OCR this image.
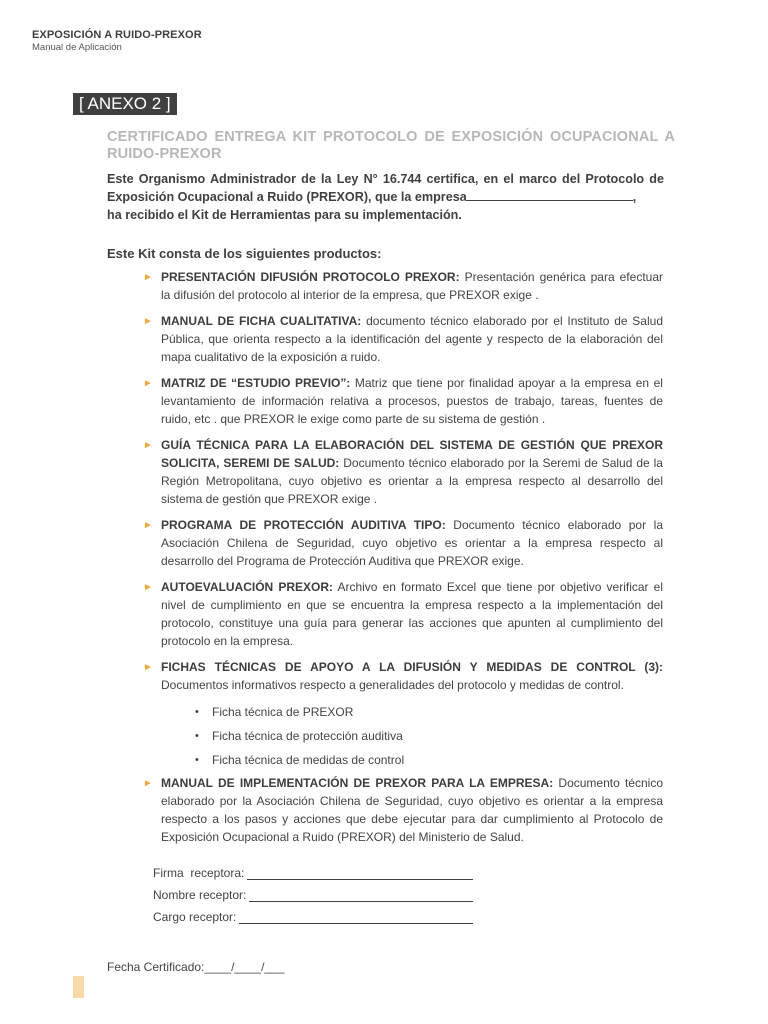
EXPOSICIÓN A RUIDO-PREXOR
Manual de Aplicación
[ ANEXO 2 ]
CERTIFICADO ENTREGA KIT PROTOCOLO DE EXPOSICIÓN OCUPACIONAL A RUIDO-PREXOR
Este Organismo Administrador de la Ley N° 16.744 certifica, en el marco del Protocolo de Exposición Ocupacional a Ruido (PREXOR), que la empresa	,
ha recibido el Kit de Herramientas para su implementación.
Este Kit consta de los siguientes productos:
► PRESENTACIÓN DIFUSIÓN PROTOCOLO PREXOR: Presentación genérica para efectuar la difusión del protocolo al interior de la empresa, que PREXOR exige .
► MANUAL DE FICHA CUALITATIVA: documento técnico elaborado por el Instituto de Salud Pública, que orienta respecto a la identificación del agente y respecto de la elaboración del mapa cualitativo de la exposición a ruido.
► MATRIZ DE “ESTUDIO PREVIO”: Matriz que tiene por finalidad apoyar a la empresa en el levantamiento de información relativa a procesos, puestos de trabajo, tareas, fuentes de ruido, etc . que PREXOR le exige como parte de su sistema de gestión .
► GUÍA TÉCNICA PARA LA ELABORACIÓN DEL SISTEMA DE GESTIÓN QUE PREXOR SOLICITA, SEREMI DE SALUD: Documento técnico elaborado por la Seremi de Salud de la Región Metropolitana, cuyo objetivo es orientar a la empresa respecto al desarrollo del sistema de gestión que PREXOR exige .
► PROGRAMA DE PROTECCIÓN AUDITIVA TIPO: Documento técnico elaborado por la Asociación Chilena de Seguridad, cuyo objetivo es orientar a la empresa respecto al desarrollo del Programa de Protección Auditiva que PREXOR exige.
► AUTOEVALUACIÓN PREXOR: Archivo en formato Excel que tiene por objetivo verificar el nivel de cumplimiento en que se encuentra la empresa respecto a la implementación del protocolo, constituye una guía para generar las acciones que apunten al cumplimiento del protocolo en la empresa.
► FICHAS TÉCNICAS DE APOYO A LA DIFUSIÓN Y MEDIDAS DE CONTROL (3): Documentos informativos respecto a generalidades del protocolo y medidas de control.
• Ficha técnica de PREXOR
• Ficha técnica de protección auditiva
• Ficha técnica de medidas de control
► MANUAL DE IMPLEMENTACIÓN DE PREXOR PARA LA EMPRESA: Documento técnico elaborado por la Asociación Chilena de Seguridad, cuyo objetivo es orientar a la empresa respecto a los pasos y acciones que debe ejecutar para dar cumplimiento al Protocolo de Exposición Ocupacional a Ruido (PREXOR) del Ministerio de Salud.
Firma  receptora:
Nombre receptor:
Cargo receptor:
Fecha Certificado:____/____/___
